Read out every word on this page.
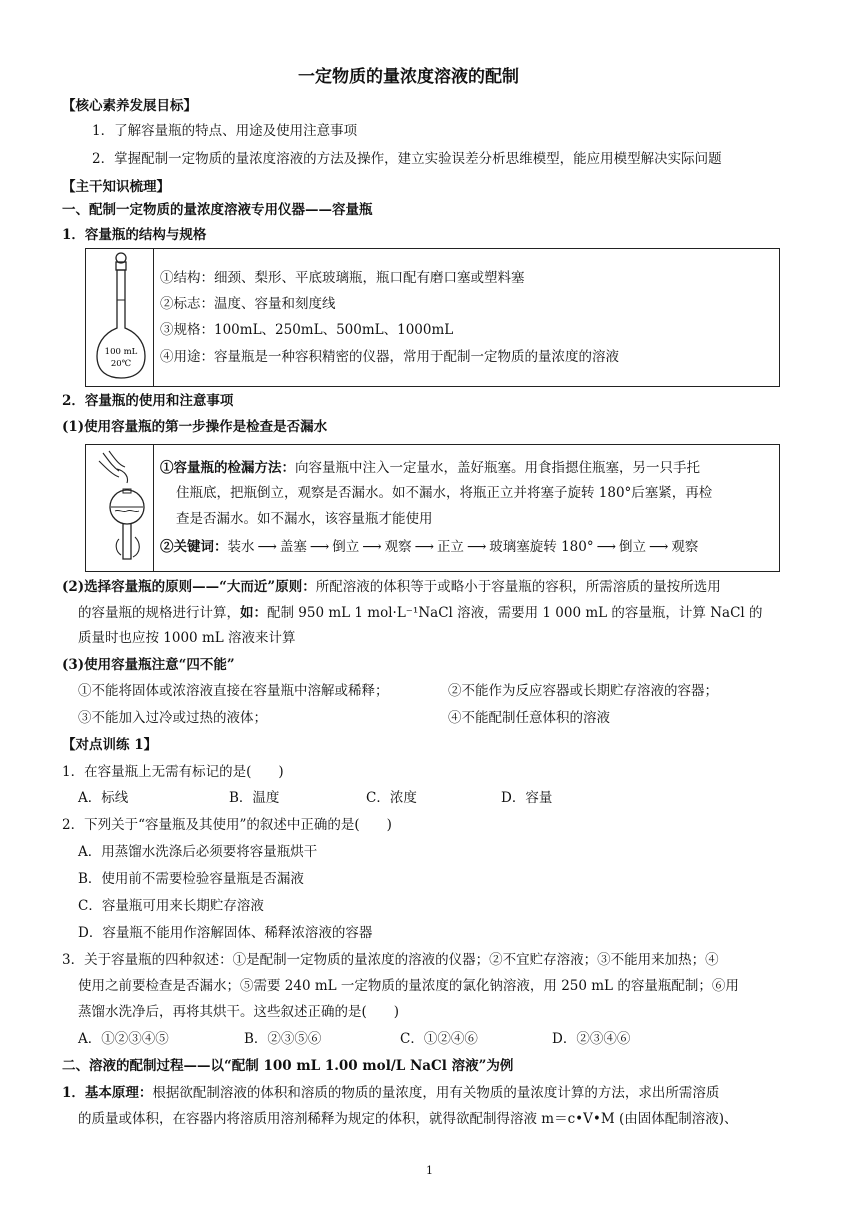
一定物质的量浓度溶液的配制
【核心素养发展目标】
1．了解容量瓶的特点、用途及使用注意事项
2．掌握配制一定物质的量浓度溶液的方法及操作，建立实验误差分析思维模型，能应用模型解决实际问题
【主干知识梳理】
一、配制一定物质的量浓度溶液专用仪器——容量瓶
1．容量瓶的结构与规格
100 mL
20℃
①结构：细颈、梨形、平底玻璃瓶，瓶口配有磨口塞或塑料塞
②标志：温度、容量和刻度线
③规格：100mL、250mL、500mL、1000mL
④用途：容量瓶是一种容积精密的仪器，常用于配制一定物质的量浓度的溶液
2．容量瓶的使用和注意事项
(1)使用容量瓶的第一步操作是检查是否漏水
①容量瓶的检漏方法：向容量瓶中注入一定量水，盖好瓶塞。用食指摁住瓶塞，另一只手托
住瓶底，把瓶倒立，观察是否漏水。如不漏水，将瓶正立并将塞子旋转 180°后塞紧，再检
查是否漏水。如不漏水，该容量瓶才能使用
②关键词：装水 ⟶ 盖塞 ⟶ 倒立 ⟶ 观察 ⟶ 正立 ⟶ 玻璃塞旋转 180° ⟶ 倒立 ⟶ 观察
(2)选择容量瓶的原则——“大而近”原则：所配溶液的体积等于或略小于容量瓶的容积，所需溶质的量按所选用
的容量瓶的规格进行计算，如：配制 950 mL 1 mol·L⁻¹NaCl 溶液，需要用 1 000 mL 的容量瓶，计算 NaCl 的
质量时也应按 1000 mL 溶液来计算
(3)使用容量瓶注意“四不能”
①不能将固体或浓溶液直接在容量瓶中溶解或稀释；	②不能作为反应容器或长期贮存溶液的容器；
③不能加入过冷或过热的液体；	④不能配制任意体积的溶液
【对点训练 1】
1．在容量瓶上无需有标记的是(　　)
A．标线	B．温度	C．浓度	D．容量
2．下列关于“容量瓶及其使用”的叙述中正确的是(　　)
A．用蒸馏水洗涤后必须要将容量瓶烘干
B．使用前不需要检验容量瓶是否漏液
C．容量瓶可用来长期贮存溶液
D．容量瓶不能用作溶解固体、稀释浓溶液的容器
3．关于容量瓶的四种叙述：①是配制一定物质的量浓度的溶液的仪器；②不宜贮存溶液；③不能用来加热；④
使用之前要检查是否漏水；⑤需要 240 mL 一定物质的量浓度的氯化钠溶液，用 250 mL 的容量瓶配制；⑥用
蒸馏水洗净后，再将其烘干。这些叙述正确的是(　　)
A．①②③④⑤	B．②③⑤⑥	C．①②④⑥	D．②③④⑥
二、溶液的配制过程——以“配制 100 mL 1.00 mol/L NaCl 溶液”为例
1．基本原理：根据欲配制溶液的体积和溶质的物质的量浓度，用有关物质的量浓度计算的方法，求出所需溶质
的质量或体积，在容器内将溶质用溶剂稀释为规定的体积，就得欲配制得溶液 m＝c•V•M (由固体配制溶液)、
1
